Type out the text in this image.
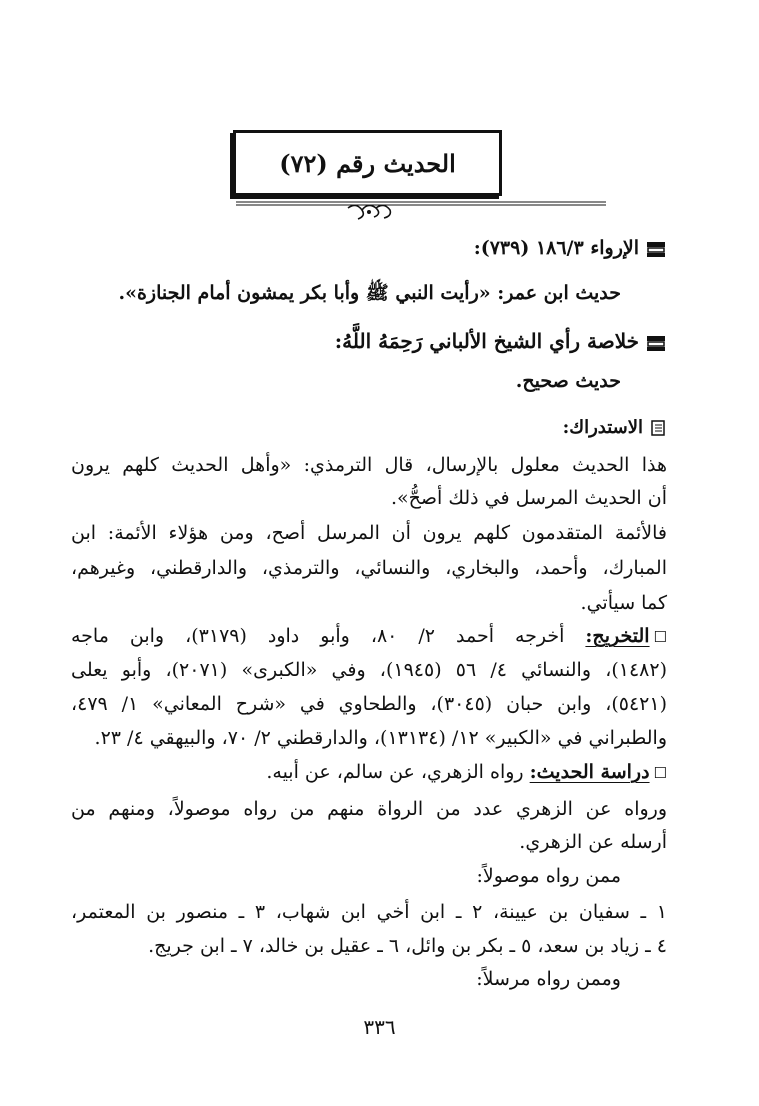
الحديث رقم (٧٢)
الإرواء ١٨٦/٣ (٧٣٩):
حديث ابن عمر: «رأيت النبي ﷺ وأبا بكر يمشون أمام الجنازة».
خلاصة رأي الشيخ الألباني رَحِمَهُ اللَّهُ:
حديث صحيح.
الاستدراك:
هذا الحديث معلول بالإرسال، قال الترمذي: «وأهل الحديث كلهم يرون
أن الحديث المرسل في ذلك أصحُّ».
فالأئمة المتقدمون كلهم يرون أن المرسل أصح، ومن هؤلاء الأئمة: ابن
المبارك، وأحمد، والبخاري، والنسائي، والترمذي، والدارقطني، وغيرهم،
كما سيأتي.
☐التخريج: أخرجه أحمد ٢/ ٨٠، وأبو داود (٣١٧٩)، وابن ماجه
(١٤٨٢)، والنسائي ٤/ ٥٦ (١٩٤٥)، وفي «الكبرى» (٢٠٧١)، وأبو يعلى
(٥٤٢١)، وابن حبان (٣٠٤٥)، والطحاوي في «شرح المعاني» ١/ ٤٧٩،
والطبراني في «الكبير» ١٢/ (١٣١٣٤)، والدارقطني ٢/ ٧٠، والبيهقي ٤/ ٢٣.
☐دراسة الحديث: رواه الزهري، عن سالم، عن أبيه.
ورواه عن الزهري عدد من الرواة منهم من رواه موصولاً، ومنهم من
أرسله عن الزهري.
ممن رواه موصولاً:
١ ـ سفيان بن عيينة، ٢ ـ ابن أخي ابن شهاب، ٣ ـ منصور بن المعتمر،
٤ ـ زياد بن سعد، ٥ ـ بكر بن وائل، ٦ ـ عقيل بن خالد، ٧ ـ ابن جريج.
وممن رواه مرسلاً:
٣٣٦
